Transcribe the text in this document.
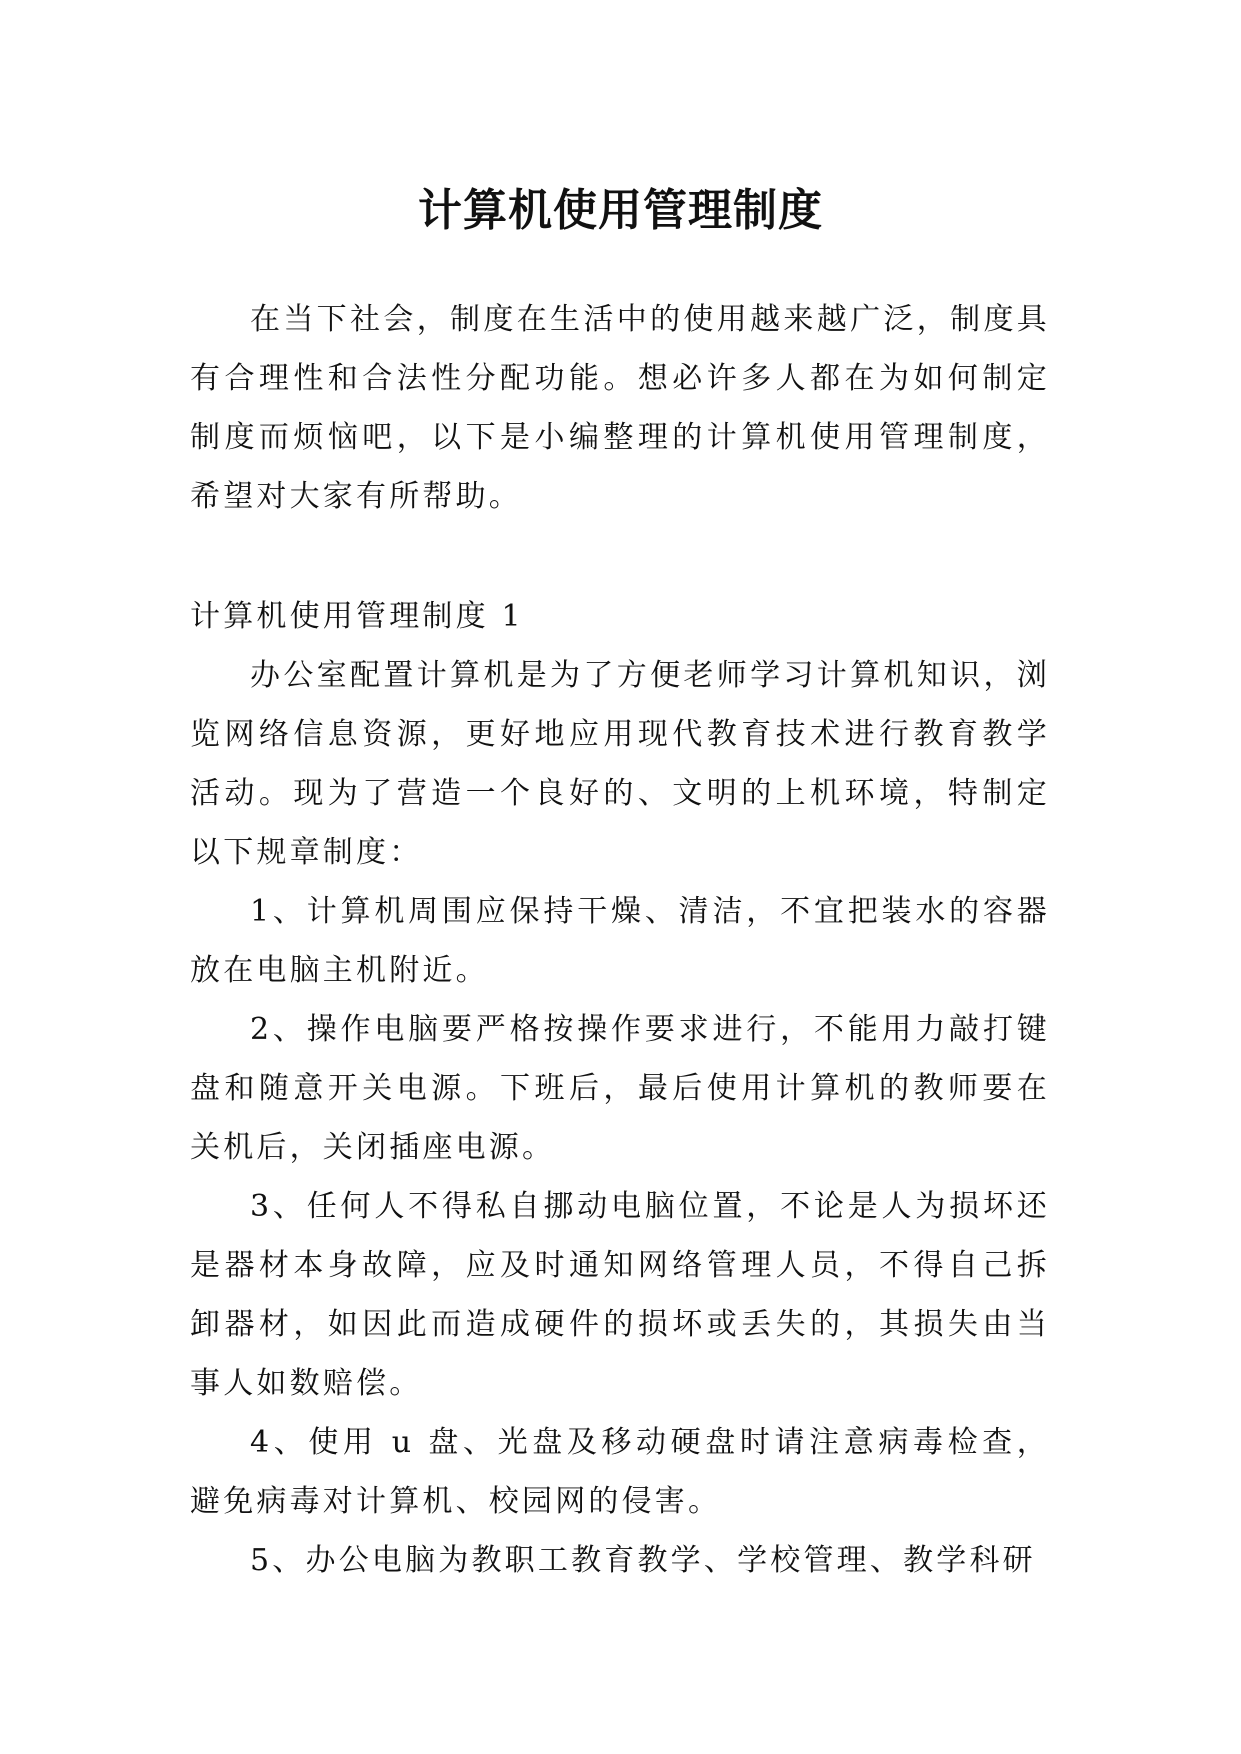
计算机使用管理制度

在当下社会，制度在生活中的使用越来越广泛，制度具有合理性和合法性分配功能。想必许多人都在为如何制定制度而烦恼吧，以下是小编整理的计算机使用管理制度，希望对大家有所帮助。

计算机使用管理制度 1

办公室配置计算机是为了方便老师学习计算机知识，浏览网络信息资源，更好地应用现代教育技术进行教育教学活动。现为了营造一个良好的、文明的上机环境，特制定以下规章制度：

1、计算机周围应保持干燥、清洁，不宜把装水的容器放在电脑主机附近。

2、操作电脑要严格按操作要求进行，不能用力敲打键盘和随意开关电源。下班后，最后使用计算机的教师要在关机后，关闭插座电源。

3、任何人不得私自挪动电脑位置，不论是人为损坏还是器材本身故障，应及时通知网络管理人员，不得自己拆卸器材，如因此而造成硬件的损坏或丢失的，其损失由当事人如数赔偿。

4、使用 u 盘、光盘及移动硬盘时请注意病毒检查，避免病毒对计算机、校园网的侵害。

5、办公电脑为教职工教育教学、学校管理、教学科研
